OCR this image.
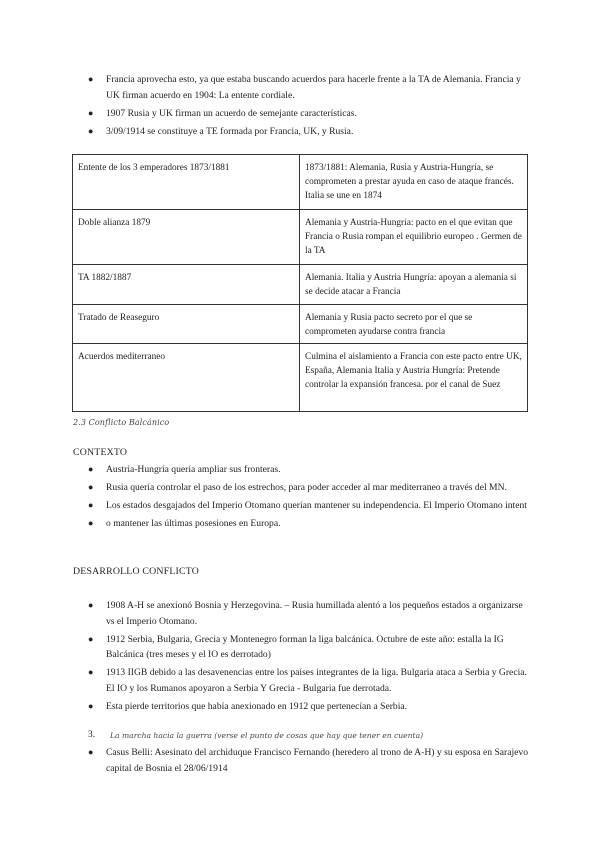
● Francia aprovecha esto, ya que estaba buscando acuerdos para hacerle frente a la TA de Alemania. Francia y UK firman acuerdo en 1904: La entente cordiale.
● 1907 Rusia y UK firman un acuerdo de semejante características.
● 3/09/1914 se constituye a TE formada por Francia, UK, y Rusia.
Entente de los 3 emperadores 1873/1881	1873/1881: Alemania, Rusia y Austria-Hungría, se comprometen a prestar ayuda en caso de ataque francés. Italia se une en 1874
Doble alianza 1879	Alemania y Austria-Hungría: pacto en el que evitan que Francia o Rusia rompan el equilibrio europeo . Germen de la TA
TA 1882/1887	Alemania. Italia y Austria Hungría: apoyan a alemania si se decide atacar a Francia
Tratado de Reaseguro	Alemania y Rusia pacto secreto por el que se comprometen ayudarse contra francia
Acuerdos mediterraneo	Culmina el aislamiento a Francia con este pacto entre UK, España, Alemania Italia y Austria Hungría: Pretende controlar la expansión francesa. por el canal de Suez
2.3 Conflicto Balcánico
CONTEXTO
● Austria-Hungría quería ampliar sus fronteras.
● Rusia quería controlar el paso de los estrechos, para poder acceder al mar mediterraneo a través del MN.
● Los estados desgajados del Imperio Otomano querían mantener su independencia. El Imperio Otomano intent
● o mantener las últimas posesiones en Europa.
DESARROLLO CONFLICTO
● 1908 A-H se anexionó Bosnia y Herzegovina. – Rusia humillada alentó a los pequeños estados a organizarse vs el Imperio Otomano.
● 1912 Serbia, Bulgaria, Grecia y Montenegro forman la liga balcánica. Octubre de este año: estalla la IG Balcánica (tres meses y el IO es derrotado)
● 1913 IIGB debido a las desavenencias entre los países integrantes de la liga. Bulgaria ataca a Serbia y Grecia. El IO y los Rumanos apoyaron a Serbia Y Grecia - Bulgaria fue derrotada.
● Esta pierde territorios que había anexionado en 1912 que pertenecían a Serbia.
3. La marcha hacia la guerra (verse el punto de cosas que hay que tener en cuenta)
● Casus Belli: Asesinato del archiduque Francisco Fernando (heredero al trono de A-H) y su esposa en Sarajevo capital de Bosnia el 28/06/1914
